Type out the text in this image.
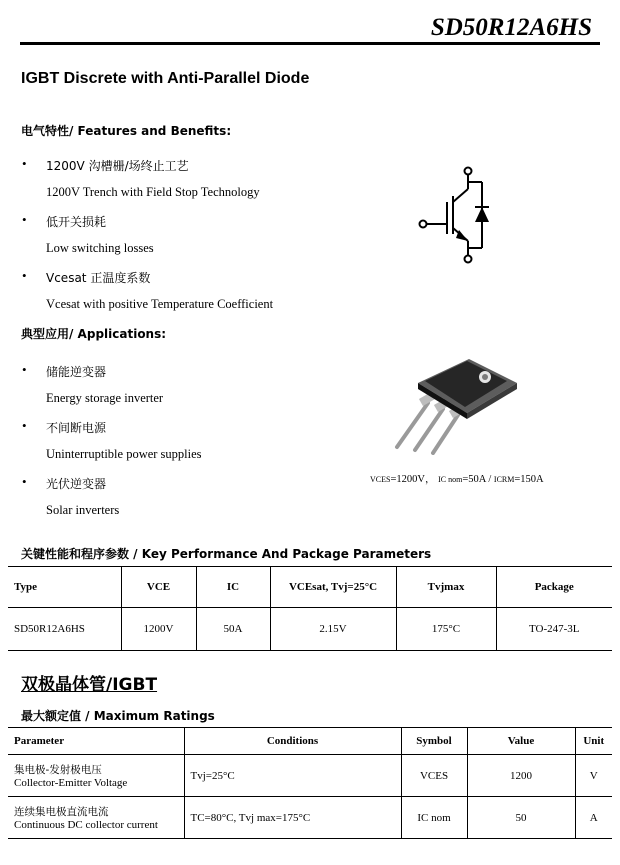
SD50R12A6HS
IGBT Discrete with Anti-Parallel Diode
电气特性/ Features and Benefits:
• 1200V 沟槽栅/场终止工艺
1200V Trench with Field Stop Technology
• 低开关损耗
Low switching losses
• Vcesat 正温度系数
Vcesat with positive Temperature Coefficient
典型应用/ Applications:
• 储能逆变器
Energy storage inverter
• 不间断电源
Uninterruptible power supplies
• 光伏逆变器
Solar inverters
VCES=1200V， IC nom=50A / ICRM=150A
关键性能和程序参数 / Key Performance And Package Parameters
Type	VCE	IC	VCEsat, Tvj=25°C	Tvjmax	Package
SD50R12A6HS	1200V	50A	2.15V	175°C	TO-247-3L
双极晶体管/IGBT
最大额定值 / Maximum Ratings
Parameter	Conditions	Symbol	Value	Unit

集电极-发射极电压
Collector-Emitter Voltage	Tvj=25°C	VCES	1200	V

连续集电极直流电流
Continuous DC collector current	TC=80°C, Tvj max=175°C	IC nom	50	A
